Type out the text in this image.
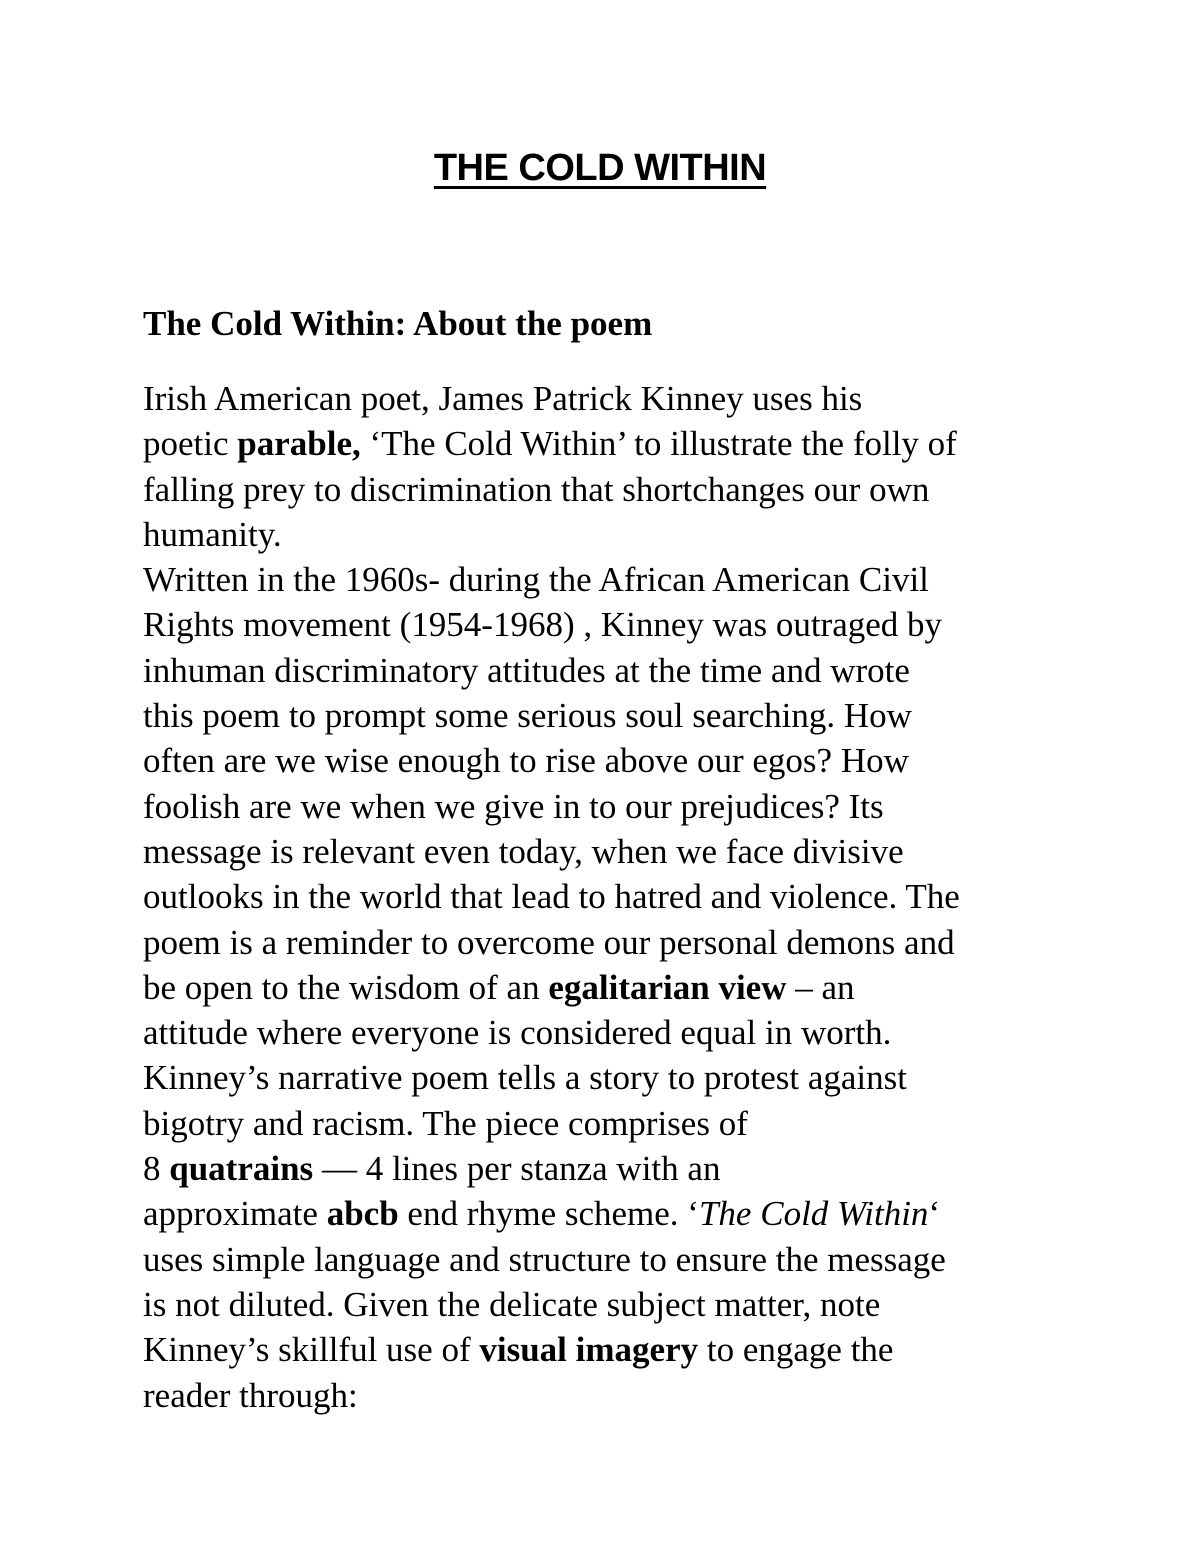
THE COLD WITHIN
The Cold Within: About the poem
Irish American poet, James Patrick Kinney uses his
poetic parable, ‘The Cold Within’ to illustrate the folly of
falling prey to discrimination that shortchanges our own
humanity.
Written in the 1960s- during the African American Civil
Rights movement (1954-1968) , Kinney was outraged by
inhuman discriminatory attitudes at the time and wrote
this poem to prompt some serious soul searching. How
often are we wise enough to rise above our egos? How
foolish are we when we give in to our prejudices? Its
message is relevant even today, when we face divisive
outlooks in the world that lead to hatred and violence. The
poem is a reminder to overcome our personal demons and
be open to the wisdom of an egalitarian view – an
attitude where everyone is considered equal in worth.
Kinney’s narrative poem tells a story to protest against
bigotry and racism. The piece comprises of
8 quatrains — 4 lines per stanza with an
approximate abcb end rhyme scheme. ‘The Cold Within‘
uses simple language and structure to ensure the message
is not diluted. Given the delicate subject matter, note
Kinney’s skillful use of visual imagery to engage the
reader through:
